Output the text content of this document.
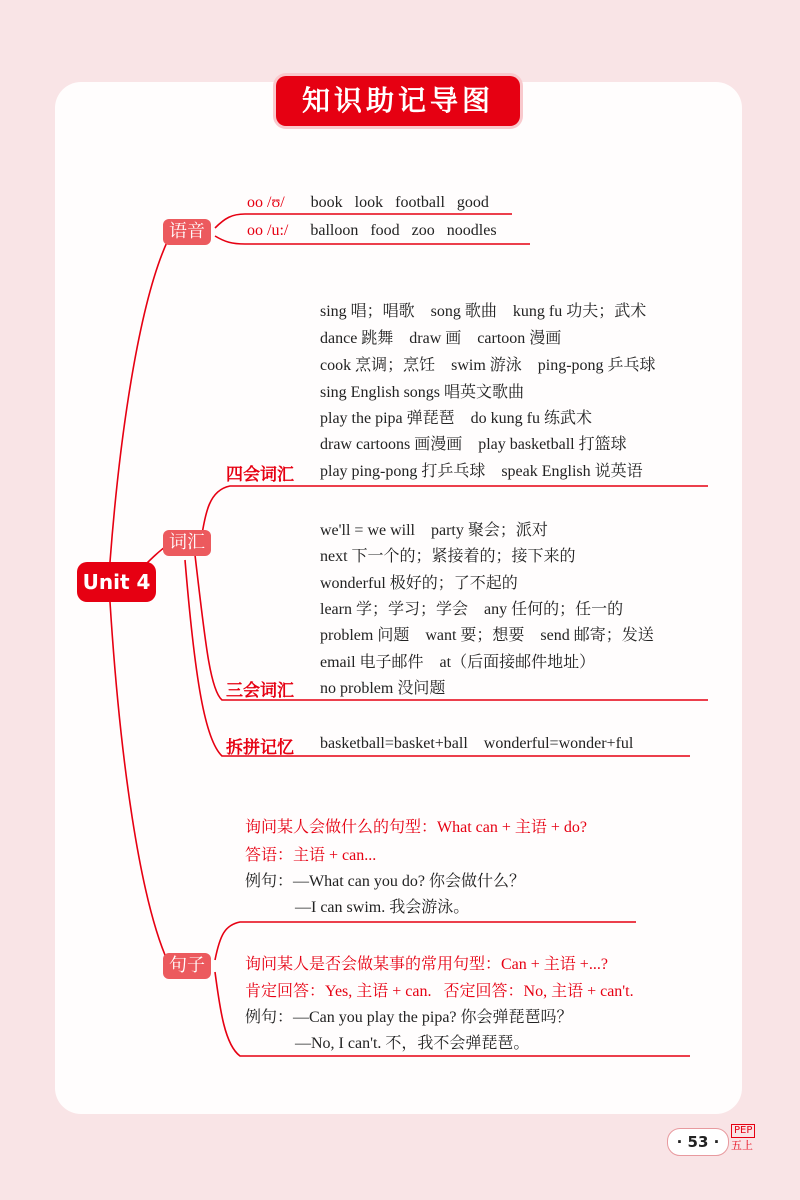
知识助记导图
Unit 4
语音
oo /ʊ/ book   look   football   good
oo /u:/ balloon   food   zoo   noodles
词汇
四会词汇
sing 唱；唱歌    song 歌曲    kung fu 功夫；武术
dance 跳舞    draw 画    cartoon 漫画
cook 烹调；烹饪    swim 游泳    ping-pong 乒乓球
sing English songs 唱英文歌曲
play the pipa 弹琵琶    do kung fu 练武术
draw cartoons 画漫画    play basketball 打篮球
play ping-pong 打乒乓球    speak English 说英语
三会词汇
we'll = we will    party 聚会；派对
next 下一个的；紧接着的；接下来的
wonderful 极好的；了不起的
learn 学；学习；学会    any 任何的；任一的
problem 问题    want 要；想要    send 邮寄；发送
email 电子邮件    at（后面接邮件地址）
no problem 没问题
拆拼记忆 basketball=basket+ball    wonderful=wonder+ful
句子
询问某人会做什么的句型：What can + 主语 + do?
答语：主语 + can...
例句：—What can you do? 你会做什么？
—I can swim. 我会游泳。
询问某人是否会做某事的常用句型：Can + 主语 +...?
肯定回答：Yes, 主语 + can.   否定回答：No, 主语 + can't.
例句：—Can you play the pipa? 你会弹琵琶吗？
—No, I can't. 不，我不会弹琵琶。
· 53 ·
PEP
五上
